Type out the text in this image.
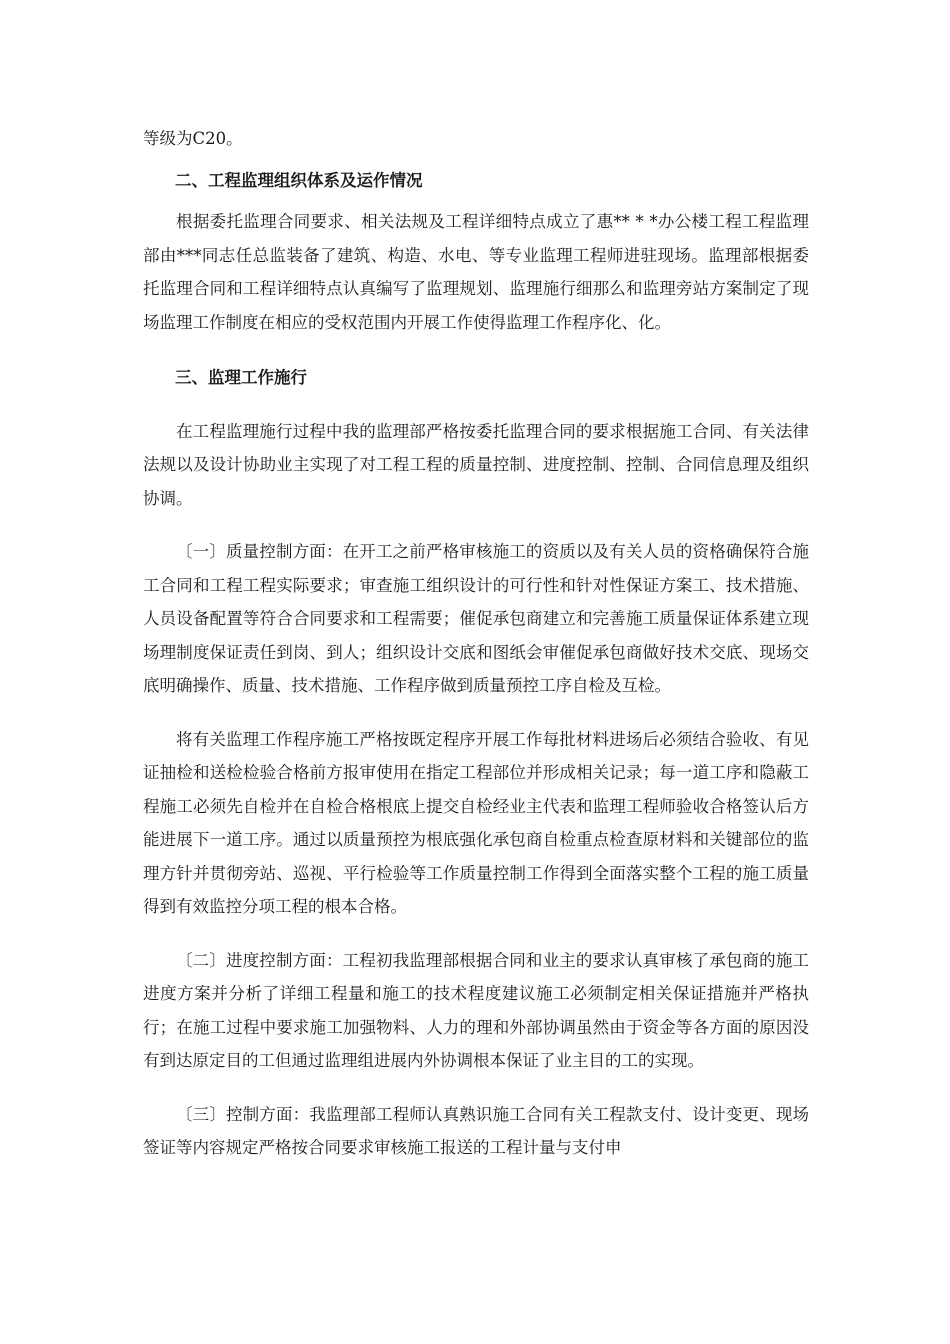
等级为C20。

二、工程监理组织体系及运作情况

根据委托监理合同要求、相关法规及工程详细特点成立了惠** * *办公楼工程工程监理部由***同志任总监装备了建筑、构造、水电、等专业监理工程师进驻现场。监理部根据委托监理合同和工程详细特点认真编写了监理规划、监理施行细那么和监理旁站方案制定了现场监理工作制度在相应的受权范围内开展工作使得监理工作程序化、化。

三、监理工作施行

在工程监理施行过程中我的监理部严格按委托监理合同的要求根据施工合同、有关法律法规以及设计协助业主实现了对工程工程的质量控制、进度控制、控制、合同信息理及组织协调。

〔一〕质量控制方面：在开工之前严格审核施工的资质以及有关人员的资格确保符合施工合同和工程工程实际要求；审查施工组织设计的可行性和针对性保证方案工、技术措施、人员设备配置等符合合同要求和工程需要；催促承包商建立和完善施工质量保证体系建立现场理制度保证责任到岗、到人；组织设计交底和图纸会审催促承包商做好技术交底、现场交底明确操作、质量、技术措施、工作程序做到质量预控工序自检及互检。

将有关监理工作程序施工严格按既定程序开展工作每批材料进场后必须结合验收、有见证抽检和送检检验合格前方报审使用在指定工程部位并形成相关记录；每一道工序和隐蔽工程施工必须先自检并在自检合格根底上提交自检经业主代表和监理工程师验收合格签认后方能进展下一道工序。通过以质量预控为根底强化承包商自检重点检查原材料和关键部位的监理方针并贯彻旁站、巡视、平行检验等工作质量控制工作得到全面落实整个工程的施工质量得到有效监控分项工程的根本合格。

〔二〕进度控制方面：工程初我监理部根据合同和业主的要求认真审核了承包商的施工进度方案并分析了详细工程量和施工的技术程度建议施工必须制定相关保证措施并严格执行；在施工过程中要求施工加强物料、人力的理和外部协调虽然由于资金等各方面的原因没有到达原定目的工但通过监理组进展内外协调根本保证了业主目的工的实现。

〔三〕控制方面：我监理部工程师认真熟识施工合同有关工程款支付、设计变更、现场签证等内容规定严格按合同要求审核施工报送的工程计量与支付申
